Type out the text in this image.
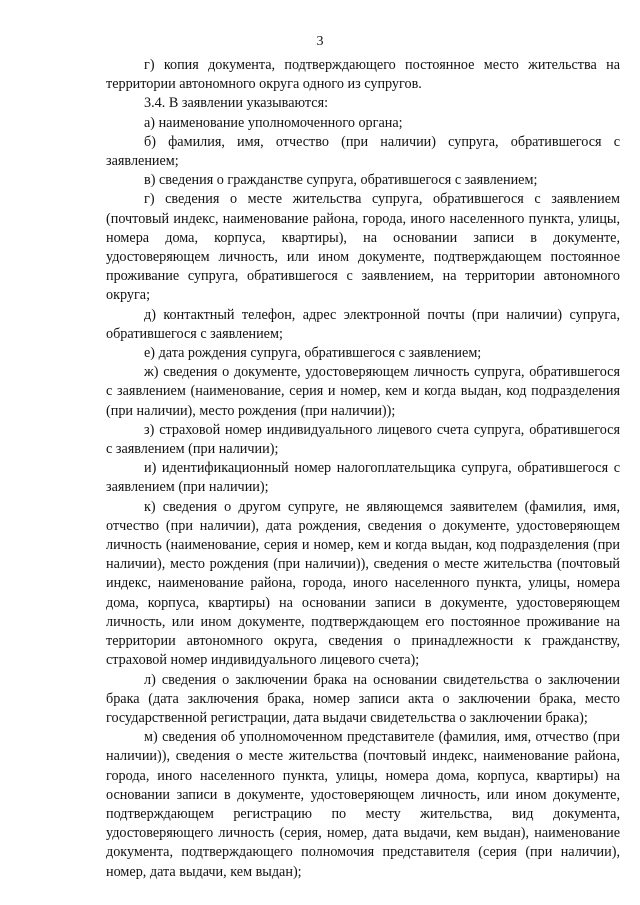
3

г) копия документа, подтверждающего постоянное место жительства на территории автономного округа одного из супругов.

3.4. В заявлении указываются:

а) наименование уполномоченного органа;

б) фамилия, имя, отчество (при наличии) супруга, обратившегося с заявлением;

в) сведения о гражданстве супруга, обратившегося с заявлением;

г) сведения о месте жительства супруга, обратившегося с заявлением (почтовый индекс, наименование района, города, иного населенного пункта, улицы, номера дома, корпуса, квартиры), на основании записи в документе, удостоверяющем личность, или ином документе, подтверждающем постоянное проживание супруга, обратившегося с заявлением, на территории автономного округа;

д) контактный телефон, адрес электронной почты (при наличии) супруга, обратившегося с заявлением;

е) дата рождения супруга, обратившегося с заявлением;

ж) сведения о документе, удостоверяющем личность супруга, обратившегося с заявлением (наименование, серия и номер, кем и когда выдан, код подразделения (при наличии), место рождения (при наличии));

з) страховой номер индивидуального лицевого счета супруга, обратившегося с заявлением (при наличии);

и) идентификационный номер налогоплательщика супруга, обратившегося с заявлением (при наличии);

к) сведения о другом супруге, не являющемся заявителем (фамилия, имя, отчество (при наличии), дата рождения, сведения о документе, удостоверяющем личность (наименование, серия и номер, кем и когда выдан, код подразделения (при наличии), место рождения (при наличии)), сведения о месте жительства (почтовый индекс, наименование района, города, иного населенного пункта, улицы, номера дома, корпуса, квартиры) на основании записи в документе, удостоверяющем личность, или ином документе, подтверждающем его постоянное проживание на территории автономного округа, сведения о принадлежности к гражданству, страховой номер индивидуального лицевого счета);

л) сведения о заключении брака на основании свидетельства о заключении брака (дата заключения брака, номер записи акта о заключении брака, место государственной регистрации, дата выдачи свидетельства о заключении брака);

м) сведения об уполномоченном представителе (фамилия, имя, отчество (при наличии)), сведения о месте жительства (почтовый индекс, наименование района, города, иного населенного пункта, улицы, номера дома, корпуса, квартиры) на основании записи в документе, удостоверяющем личность, или ином документе, подтверждающем регистрацию по месту жительства, вид документа, удостоверяющего личность (серия, номер, дата выдачи, кем выдан), наименование документа, подтверждающего полномочия представителя (серия (при наличии), номер, дата выдачи, кем выдан);
